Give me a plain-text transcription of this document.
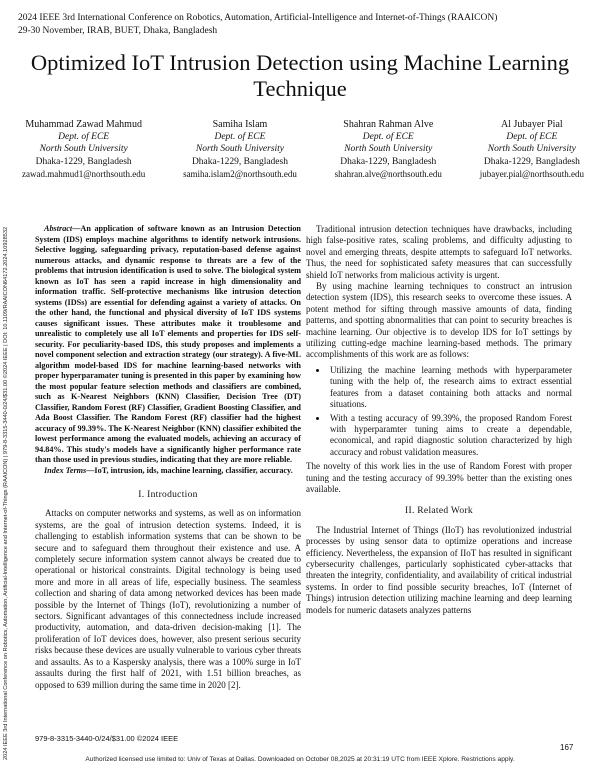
2024 IEEE 3rd International Conference on Robotics, Automation, Artificial-Intelligence and Internet-of-Things (RAAICON)
29-30 November, IRAB, BUET, Dhaka, Bangladesh
2024 IEEE 3rd International Conference on Robotics, Automation, Artificial-Intelligence and Internet-of-Things (RAAICON) | 979-8-3315-3440-0/24/$31.00 ©2024 IEEE | DOI: 10.1109/RAAICON64172.2024.10928532
Optimized IoT Intrusion Detection using Machine Learning Technique
Muhammad Zawad Mahmud
Dept. of ECE
North South University
Dhaka-1229, Bangladesh
zawad.mahmud1@northsouth.edu
Samiha Islam
Dept. of ECE
North South University
Dhaka-1229, Bangladesh
samiha.islam2@northsouth.edu
Shahran Rahman Alve
Dept. of ECE
North South University
Dhaka-1229, Bangladesh
shahran.alve@northsouth.edu
Al Jubayer Pial
Dept. of ECE
North South University
Dhaka-1229, Bangladesh
jubayer.pial@northsouth.edu

Abstract—An application of software known as an Intrusion Detection System (IDS) employs machine algorithms to identify network intrusions. Selective logging, safeguarding privacy, reputation-based defense against numerous attacks, and dynamic response to threats are a few of the problems that intrusion identification is used to solve. The biological system known as IoT has seen a rapid increase in high dimensionality and information traffic. Self-protective mechanisms like intrusion detection systems (IDSs) are essential for defending against a variety of attacks. On the other hand, the functional and physical diversity of IoT IDS systems causes significant issues. These attributes make it troublesome and unrealistic to completely use all IoT elements and properties for IDS self-security. For peculiarity-based IDS, this study proposes and implements a novel component selection and extraction strategy (our strategy). A five-ML algorithm model-based IDS for machine learning-based networks with proper hyperparamater tuning is presented in this paper by examining how the most popular feature selection methods and classifiers are combined, such as K-Nearest Neighbors (KNN) Classifier, Decision Tree (DT) Classifier, Random Forest (RF) Classifier, Gradient Boosting Classifier, and Ada Boost Classifier. The Random Forest (RF) classifier had the highest accuracy of 99.39%. The K-Nearest Neighbor (KNN) classifier exhibited the lowest performance among the evaluated models, achieving an accuracy of 94.84%. This study's models have a significantly higher performance rate than those used in previous studies, indicating that they are more reliable.

Index Terms—IoT, intrusion, ids, machine learning, classifier, accuracy.

I. Introduction

Attacks on computer networks and systems, as well as on information systems, are the goal of intrusion detection systems. Indeed, it is challenging to establish information systems that can be shown to be secure and to safeguard them throughout their existence and use. A completely secure information system cannot always be created due to operational or historical constraints. Digital technology is being used more and more in all areas of life, especially business. The seamless collection and sharing of data among networked devices has been made possible by the Internet of Things (IoT), revolutionizing a number of sectors. Significant advantages of this connectedness include increased productivity, automation, and data-driven decision-making [1]. The proliferation of IoT devices does, however, also present serious security risks because these devices are usually vulnerable to various cyber threats and assaults. As to a Kaspersky analysis, there was a 100% surge in IoT assaults during the first half of 2021, with 1.51 billion breaches, as opposed to 639 million during the same time in 2020 [2].

Traditional intrusion detection techniques have drawbacks, including high false-positive rates, scaling problems, and difficulty adjusting to novel and emerging threats, despite attempts to safeguard IoT networks. Thus, the need for sophisticated safety measures that can successfully shield IoT networks from malicious activity is urgent.

By using machine learning techniques to construct an intrusion detection system (IDS), this research seeks to overcome these issues. A potent method for sifting through massive amounts of data, finding patterns, and spotting abnormalities that can point to security breaches is machine learning. Our objective is to develop IDS for IoT settings by utilizing cutting-edge machine learning-based methods. The primary accomplishments of this work are as follows:

• Utilizing the machine learning methods with hyperparameter tuning with the help of, the research aims to extract essential features from a dataset containing both attacks and normal situations.
• With a testing accuracy of 99.39%, the proposed Random Forest with hyperparamter tuning aims to create a dependable, economical, and rapid diagnostic solution characterized by high accuracy and robust validation measures.

The novelty of this work lies in the use of Random Forest with proper tuning and the testing accuracy of 99.39% better than the existing ones available.

II. Related Work

The Industrial Internet of Things (IIoT) has revolutionized industrial processes by using sensor data to optimize operations and increase efficiency. Nevertheless, the expansion of IIoT has resulted in significant cybersecurity challenges, particularly sophisticated cyber-attacks that threaten the integrity, confidentiality, and availability of critical industrial systems. In order to find possible security breaches, IoT (Internet of Things) intrusion detection utilizing machine learning and deep learning models for numeric datasets analyzes patterns

979-8-3315-3440-0/24/$31.00 ©2024 IEEE
167
Authorized licensed use limited to: Univ of Texas at Dallas. Downloaded on October 08,2025 at 20:31:19 UTC from IEEE Xplore. Restrictions apply.
